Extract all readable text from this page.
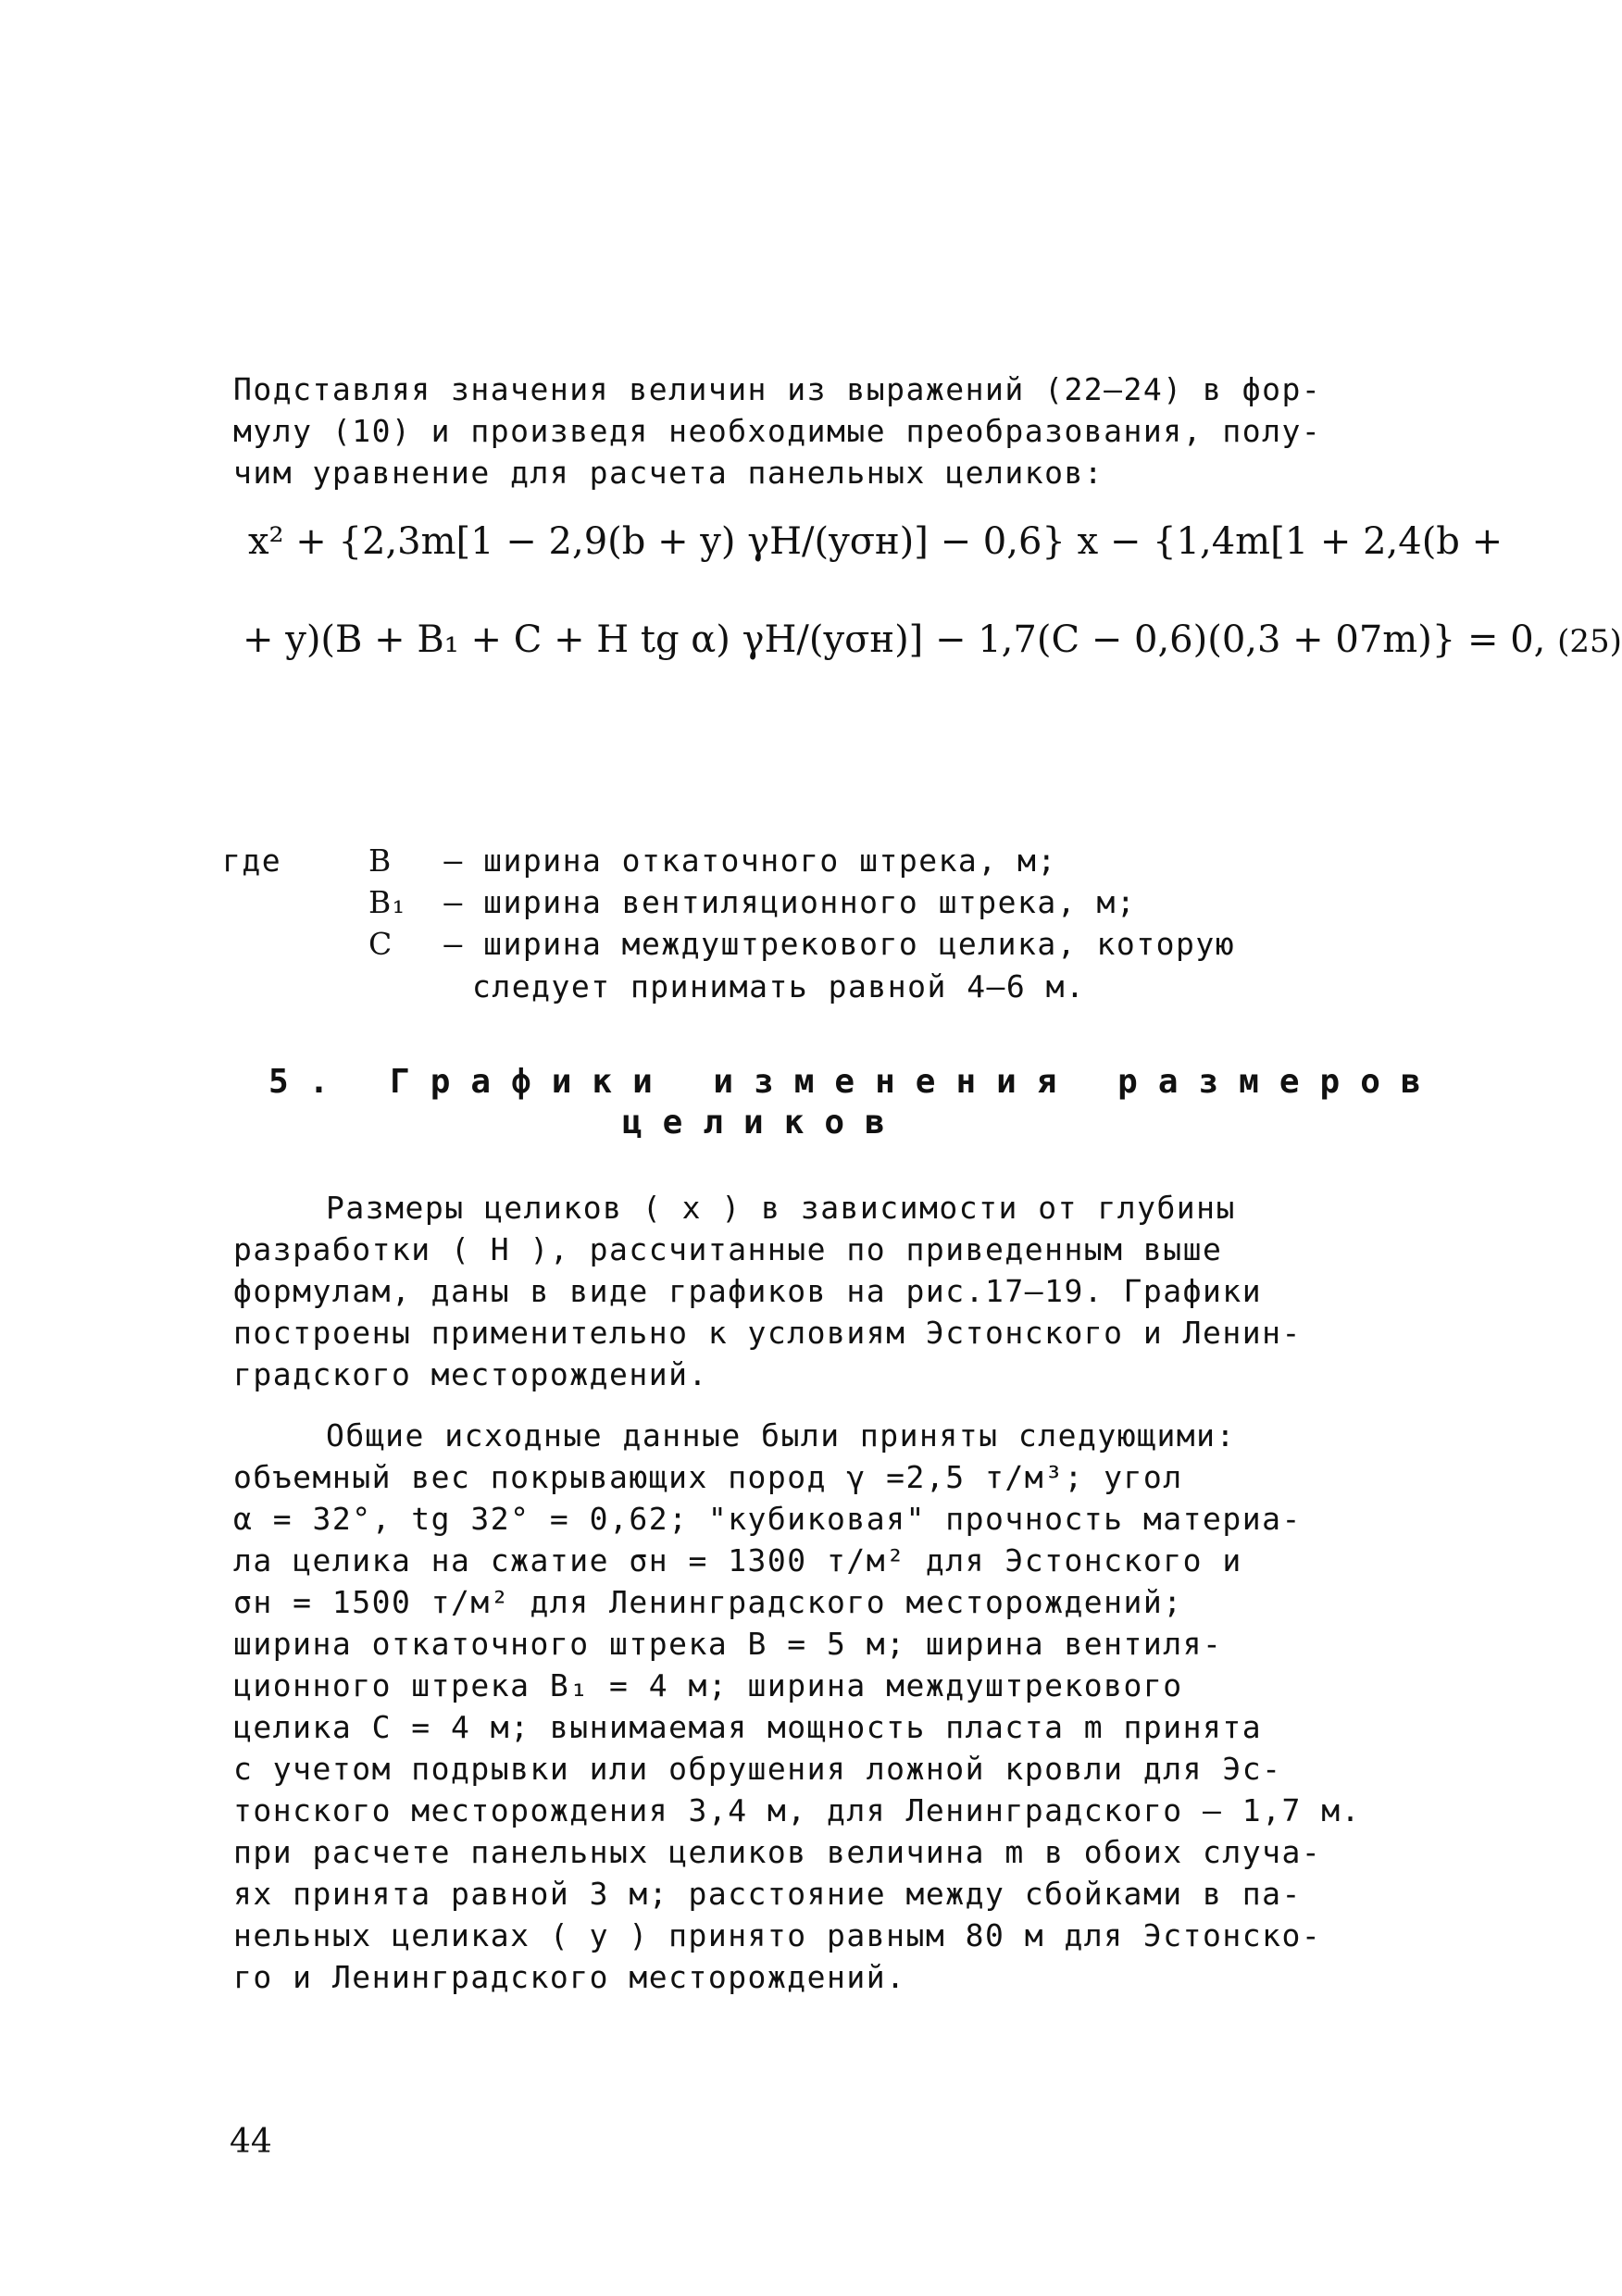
Подставляя значения величин из выражений (22–24) в фор-
мулу (10) и произведя необходимые преобразования, полу-
чим уравнение для расчета панельных целиков:
x² + {2,3m[1 − 2,9(b + y) γH/(yσн)] − 0,6} x − {1,4m[1 + 2,4(b +
+ y)(B + B₁ + C + H tg α) γH/(yσн)] − 1,7(C − 0,6)(0,3 + 07m)} = 0, (25)
где	B – ширина откаточного штрека, м;
B₁ – ширина вентиляционного штрека, м;
C – ширина междуштрекового целика, которую
следует принимать равной 4–6 м.
5. Графики изменения размеров
целиков
Размеры целиков ( x ) в зависимости от глубины
разработки ( H ), рассчитанные по приведенным выше
формулам, даны в виде графиков на рис.17–19. Графики
построены применительно к условиям Эстонского и Ленин-
градского месторождений.
Общие исходные данные были приняты следующими:
объемный вес покрывающих пород γ =2,5 т/м³; угол
α = 32°, tg 32° = 0,62; "кубиковая" прочность материа-
ла целика на сжатие σн = 1300 т/м² для Эстонского и
σн = 1500 т/м² для Ленинградского месторождений;
ширина откаточного штрека B = 5 м; ширина вентиля-
ционного штрека B₁ = 4 м; ширина междуштрекового
целика C = 4 м; вынимаемая мощность пласта m принята
с учетом подрывки или обрушения ложной кровли для Эс-
тонского месторождения 3,4 м, для Ленинградского – 1,7 м.
при расчете панельных целиков величина m в обоих случа-
ях принята равной 3 м; расстояние между сбойками в па-
нельных целиках ( y ) принято равным 80 м для Эстонско-
го и Ленинградского месторождений.
44
